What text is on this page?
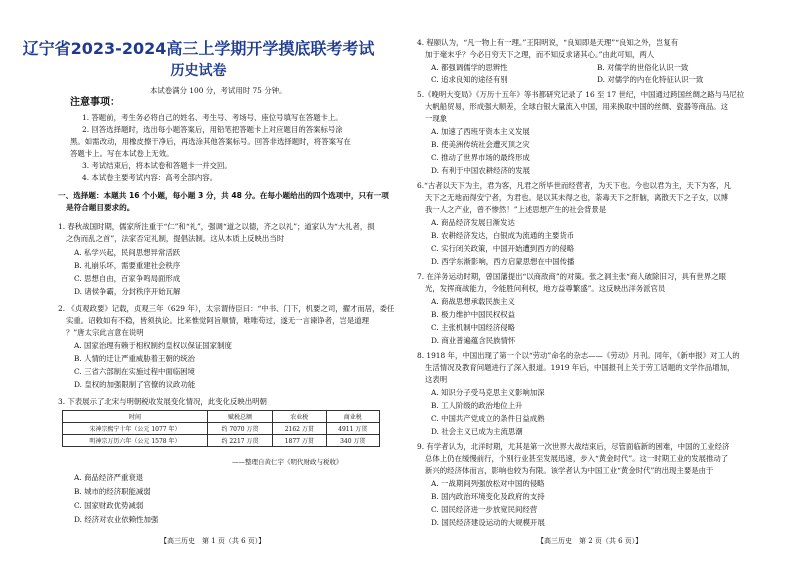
辽宁省2023-2024高三上学期开学摸底联考考试
历史试卷
本试卷满分 100 分，考试用时 75 分钟。
注意事项：
1. 答题前，考生务必将自己的姓名、考生号、考场号、座位号填写在答题卡上。
2. 回答选择题时，选出每小题答案后，用铅笔把答题卡上对应题目的答案标号涂
黑。如需改动，用橡皮擦干净后，再选涂其他答案标号。回答非选择题时，将答案写在
答题卡上。写在本试卷上无效。
3. 考试结束后，将本试卷和答题卡一并交回。
4. 本试卷主要考试内容：高考全部内容。
一、选择题：本题共 16 个小题，每小题 3 分，共 48 分。在每小题给出的四个选项中，只有一项
是符合题目要求的。
1. 春秋战国时期，儒家所注重于“仁”和“礼”，强调“道之以德，齐之以礼”；道家认为“大礼者，损
之伪而乱之首”，法家否定礼制，提倡法制。这从本质上反映出当时
A. 私学兴起，民间思想异常活跃
B. 礼崩乐坏，需要重建社会秩序
C. 思想自由，百家争鸣局面形成
D. 诸侯争霸，分封秩序开始瓦解
2. 《贞观政要》记载，贞观三年（629 年），太宗谓侍臣曰：“中书、门下，机要之司，擢才而居，委任
实重。诏敕如有不稳，皆须执论。比来惟觉阿旨顺情，唯唯苟过，遂无一言谏诤者，岂是道理
？”唐太宗此言意在说明
A. 国家治理有赖于相权制约皇权以保证国家制度
B. 人情的迁让严重威胁着王朝的统治
C. 三省六部制在实施过程中面临困境
D. 皇权的加强限制了官僚的议政功能
3. 下表展示了北宋与明朝税收发展变化情况，此变化反映出明朝
时间	赋税总额	农业税	商业税
宋神宗熙宁十年（公元 1077 年）	约 7070 万贯	2162 万贯	4911 万贯
明神宗万历六年（公元 1578 年）	约 2217 万贯	1877 万贯	340 万贯
——整理自黄仁宇《明代财政与税收》
A. 商品经济严重衰退
B. 城市的经济职能减弱
C. 国家财政优势减弱
D. 经济对农业依赖性加强
【高三历史　第 1 页（共 6 页）】
4. 程颐认为，“凡一物上有一理。”王阳明说，“良知即是天理”“良知之外，岂复有
加于毫末乎？今必日穷天下之理，而不知反求诸其心。”由此可知，两人
A. 都强调儒学的思辨性	B. 对儒学的世俗化认识一致
C. 追求良知的途径有别	D. 对儒学的内在化特征认识一致
5.《晚明大变局》《万历十五年》等书都研究记录了 16 至 17 世纪，中国通过跨国丝绸之路与马尼拉
大帆船贸易，形成强大顺差，全球白银大量流入中国，用来换取中国的丝绸、瓷器等商品。这
一现象
A. 加速了西班牙资本主义发展
B. 使美洲传统社会遭灭顶之灾
C. 推动了世界市场的最终形成
D. 有利于中国农耕经济的发展
6.“古者以天下为主，君为客，凡君之所毕世而经营者，为天下也。今也以君为主，天下为客，凡
天下之无地而得安宁者，为君也。是以其未得之也，荼毒天下之肝脑，离散天下之子女，以博
我一人之产业，曾不惨然！”上述思想产生的社会背景是
A. 商品经济发展日渐发达
B. 农耕经济发达，白银成为流通的主要货币
C. 实行闭关政策，中国开始遭到西方的侵略
D. 西学东渐影响，西方启蒙思想在中国传播
7. 在洋务运动时期，曾国藩提出“以商敌商”的对策。张之洞主张“商人破除旧习，具有世界之眼
光，发挥商战能力，令能胜问利权，地方益尊繁盛”。这反映出洋务派官员
A. 商战思想承载民族主义
B. 极力维护中国民权权益
C. 主张机制中国经济侵略
D. 商业普遍蕴含民族情怀
8. 1918 年，中国出现了第一个以“劳动”命名的杂志——《劳动》月刊。同年，《新申报》对工人的
生活情况及教育问题进行了深入报道。1919 年后，中国报刊上关于劳工话题的文学作品增加，
这表明
A. 知识分子受马克思主义影响加深
B. 工人阶级的政治地位上升
C. 中国共产党成立的条件日益成熟
D. 社会主义已成为主流思潮
9. 有学者认为，北洋时期，尤其是第一次世界大战结束后，尽管面临新的困难，中国的工业经济
总体上仍在缓慢前行，个别行业甚至发展迅速，步入“黄金时代”。这一时期工业的发展推动了
新兴的经济体而言，影响也较为有限。该学者认为中国工业“黄金时代”的出现主要是由于
A. 一战期间列强放松对中国的侵略
B. 国内政治环境变化及政府的支持
C. 国民经济进一步放宽民间经营
D. 国民经济建设运动的大规模开展
【高三历史　第 2 页（共 6 页）】
